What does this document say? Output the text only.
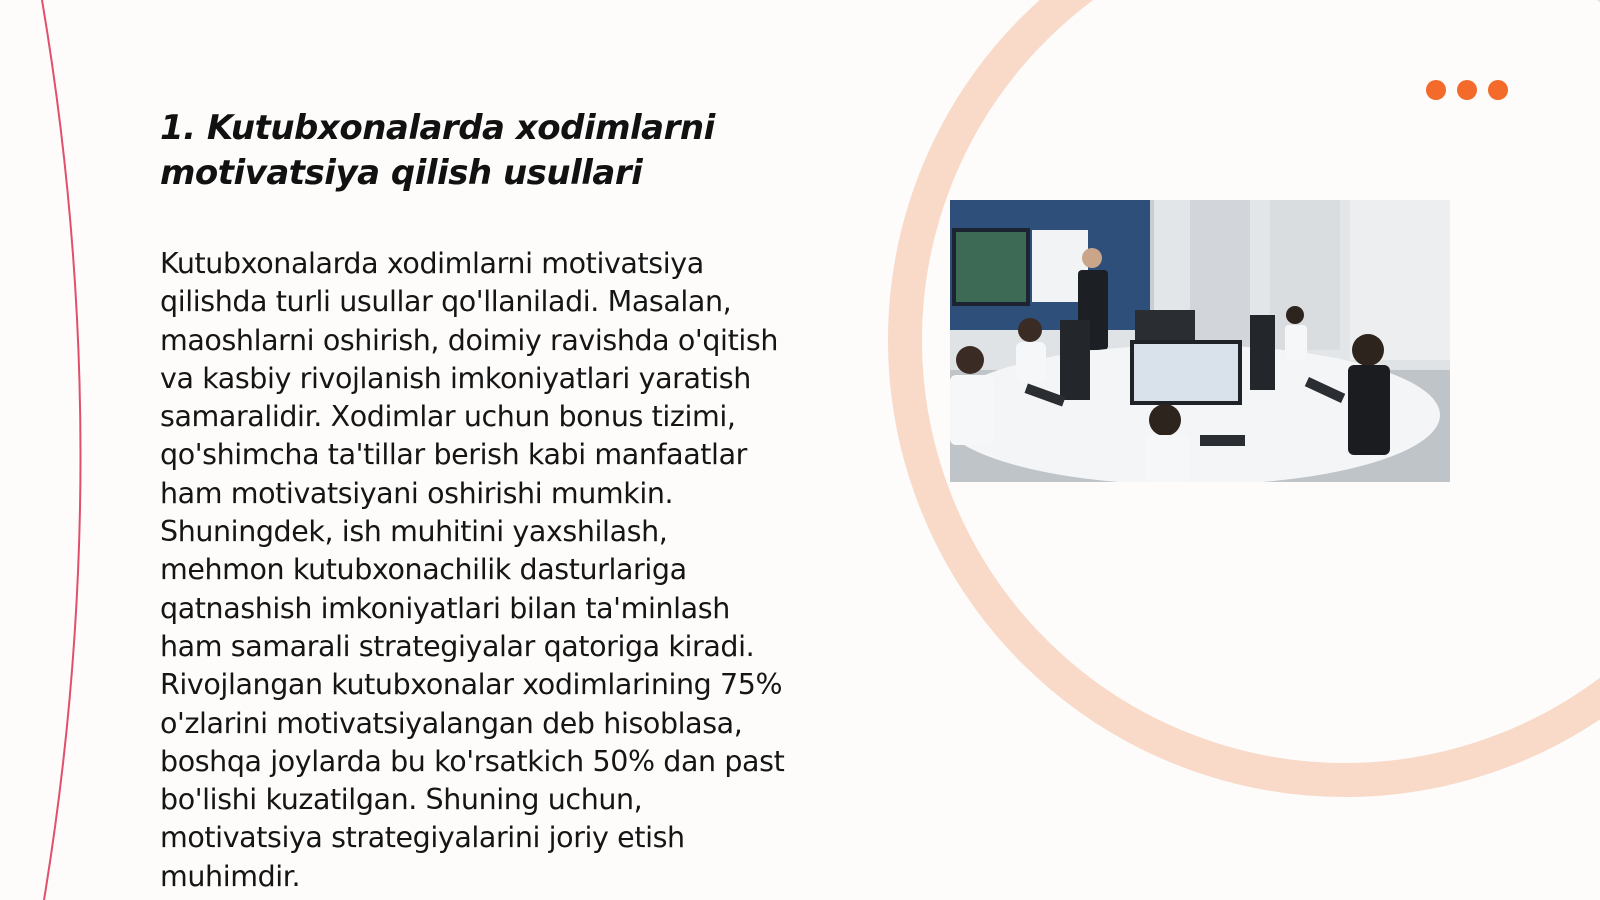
1. Kutubxonalarda xodimlarni
motivatsiya qilish usullari

Kutubxonalarda xodimlarni motivatsiya
qilishda turli usullar qo'llaniladi. Masalan,
maoshlarni oshirish, doimiy ravishda o'qitish
va kasbiy rivojlanish imkoniyatlari yaratish
samaralidir. Xodimlar uchun bonus tizimi,
qo'shimcha ta'tillar berish kabi manfaatlar
ham motivatsiyani oshirishi mumkin.
Shuningdek, ish muhitini yaxshilash,
mehmon kutubxonachilik dasturlariga
qatnashish imkoniyatlari bilan ta'minlash
ham samarali strategiyalar qatoriga kiradi.
Rivojlangan kutubxonalar xodimlarining 75%
o'zlarini motivatsiyalangan deb hisoblasa,
boshqa joylarda bu ko'rsatkich 50% dan past
bo'lishi kuzatilgan. Shuning uchun,
motivatsiya strategiyalarini joriy etish
muhimdir.
